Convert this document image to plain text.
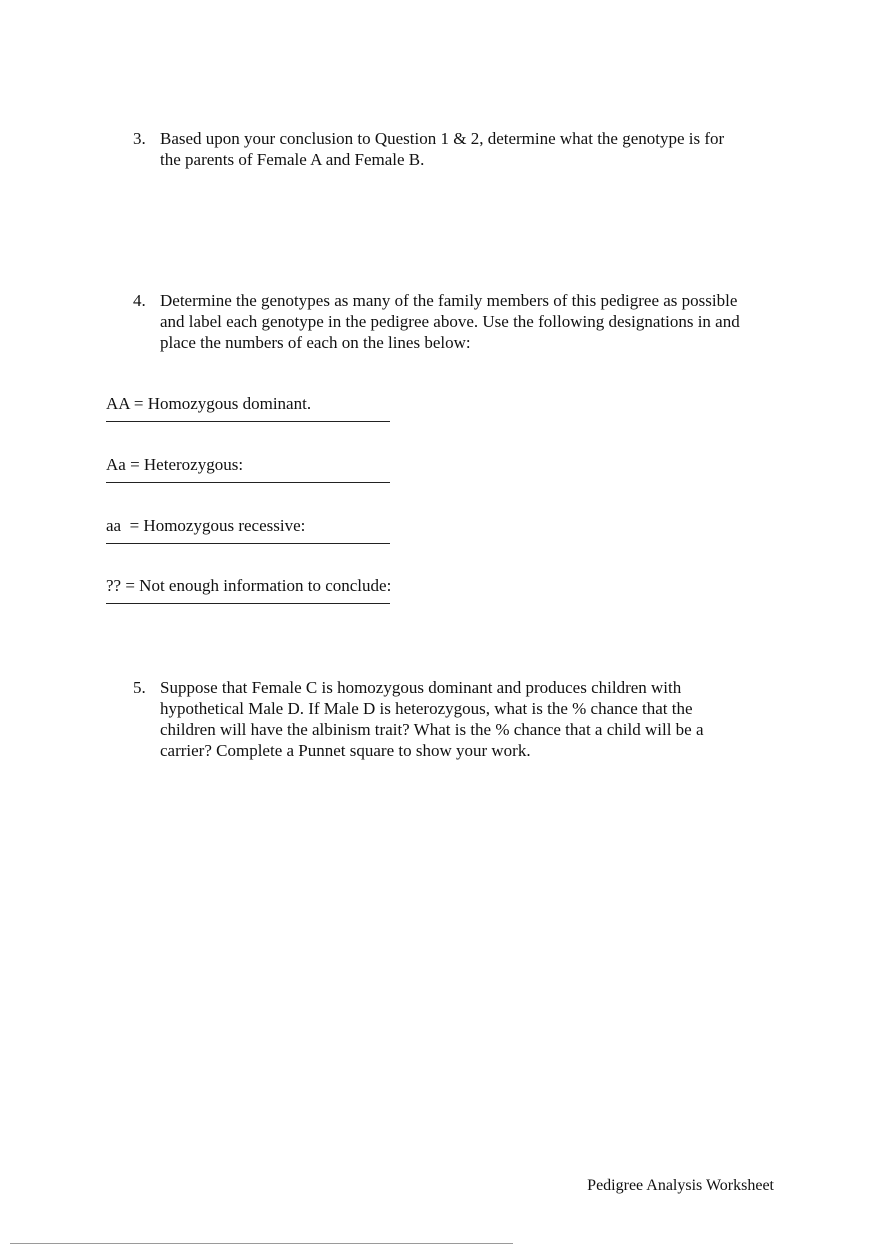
3. Based upon your conclusion to Question 1 & 2, determine what the genotype is for
the parents of Female A and Female B.
4. Determine the genotypes as many of the family members of this pedigree as possible
and label each genotype in the pedigree above. Use the following designations in and
place the numbers of each on the lines below:
AA = Homozygous dominant.
Aa = Heterozygous:
aa  = Homozygous recessive:
?? = Not enough information to conclude:
5. Suppose that Female C is homozygous dominant and produces children with
hypothetical Male D. If Male D is heterozygous, what is the % chance that the
children will have the albinism trait? What is the % chance that a child will be a
carrier? Complete a Punnet square to show your work.
Pedigree Analysis Worksheet
